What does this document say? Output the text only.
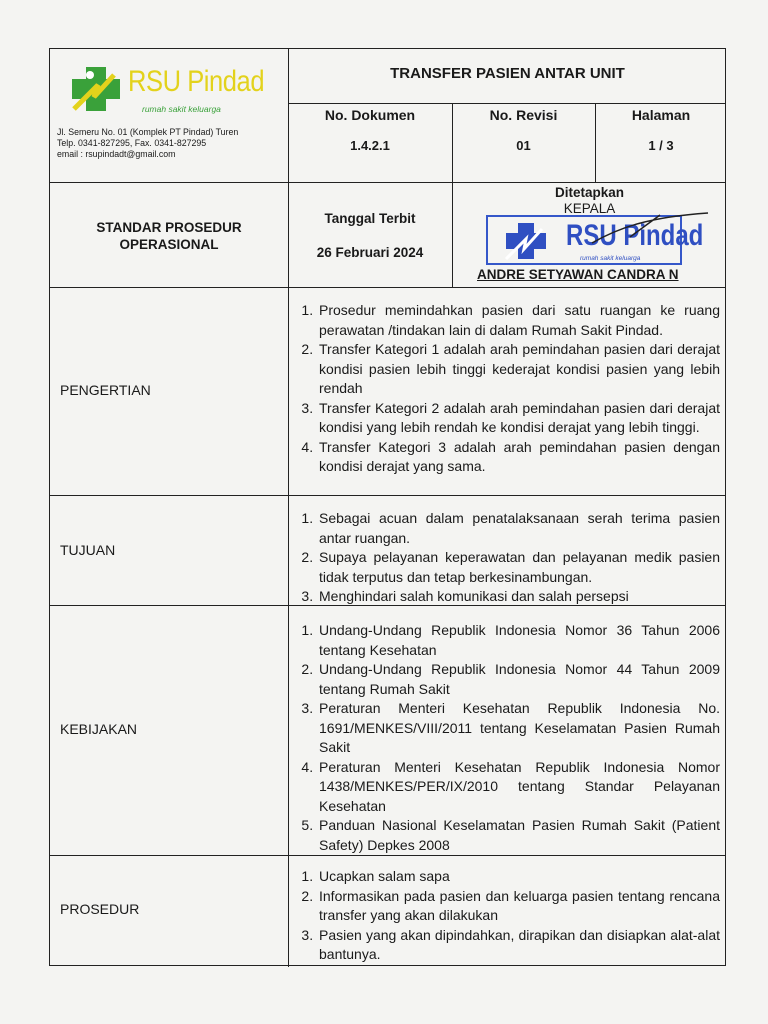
RSU Pindad
rumah sakit keluarga
Jl. Semeru No. 01 (Komplek PT Pindad) Turen
Telp. 0341-827295, Fax. 0341-827295
email : rsupindadt@gmail.com
TRANSFER PASIEN ANTAR UNIT
No. Dokumen	No. Revisi	Halaman
1.4.2.1	01	1 / 3
STANDAR PROSEDUR OPERASIONAL
Tanggal Terbit
26 Februari 2024
Ditetapkan
KEPALA
RSU Pindad
rumah sakit keluarga
ANDRE SETYAWAN CANDRA N
PENGERTIAN
1. Prosedur memindahkan pasien dari satu ruangan ke ruang perawatan /tindakan lain di dalam Rumah Sakit Pindad.
2. Transfer Kategori 1 adalah arah pemindahan pasien dari derajat kondisi pasien lebih tinggi kederajat kondisi pasien yang lebih rendah
3. Transfer Kategori 2 adalah arah pemindahan pasien dari derajat kondisi yang lebih rendah ke kondisi derajat yang lebih tinggi.
4. Transfer Kategori 3 adalah arah pemindahan pasien dengan kondisi derajat yang sama.
TUJUAN
1. Sebagai acuan dalam penatalaksanaan serah terima pasien antar ruangan.
2. Supaya pelayanan keperawatan dan pelayanan medik pasien tidak terputus dan tetap berkesinambungan.
3. Menghindari salah komunikasi dan salah persepsi
KEBIJAKAN
1. Undang-Undang Republik Indonesia Nomor 36 Tahun 2006 tentang Kesehatan
2. Undang-Undang Republik Indonesia Nomor 44 Tahun 2009 tentang Rumah Sakit
3. Peraturan Menteri Kesehatan Republik Indonesia No. 1691/MENKES/VIII/2011 tentang Keselamatan Pasien Rumah Sakit
4. Peraturan Menteri Kesehatan Republik Indonesia Nomor 1438/MENKES/PER/IX/2010 tentang Standar Pelayanan Kesehatan
5. Panduan Nasional Keselamatan Pasien Rumah Sakit (Patient Safety) Depkes 2008
PROSEDUR
1. Ucapkan salam sapa
2. Informasikan pada pasien dan keluarga pasien tentang rencana transfer yang akan dilakukan
3. Pasien yang akan dipindahkan, dirapikan dan disiapkan alat-alat bantunya.
